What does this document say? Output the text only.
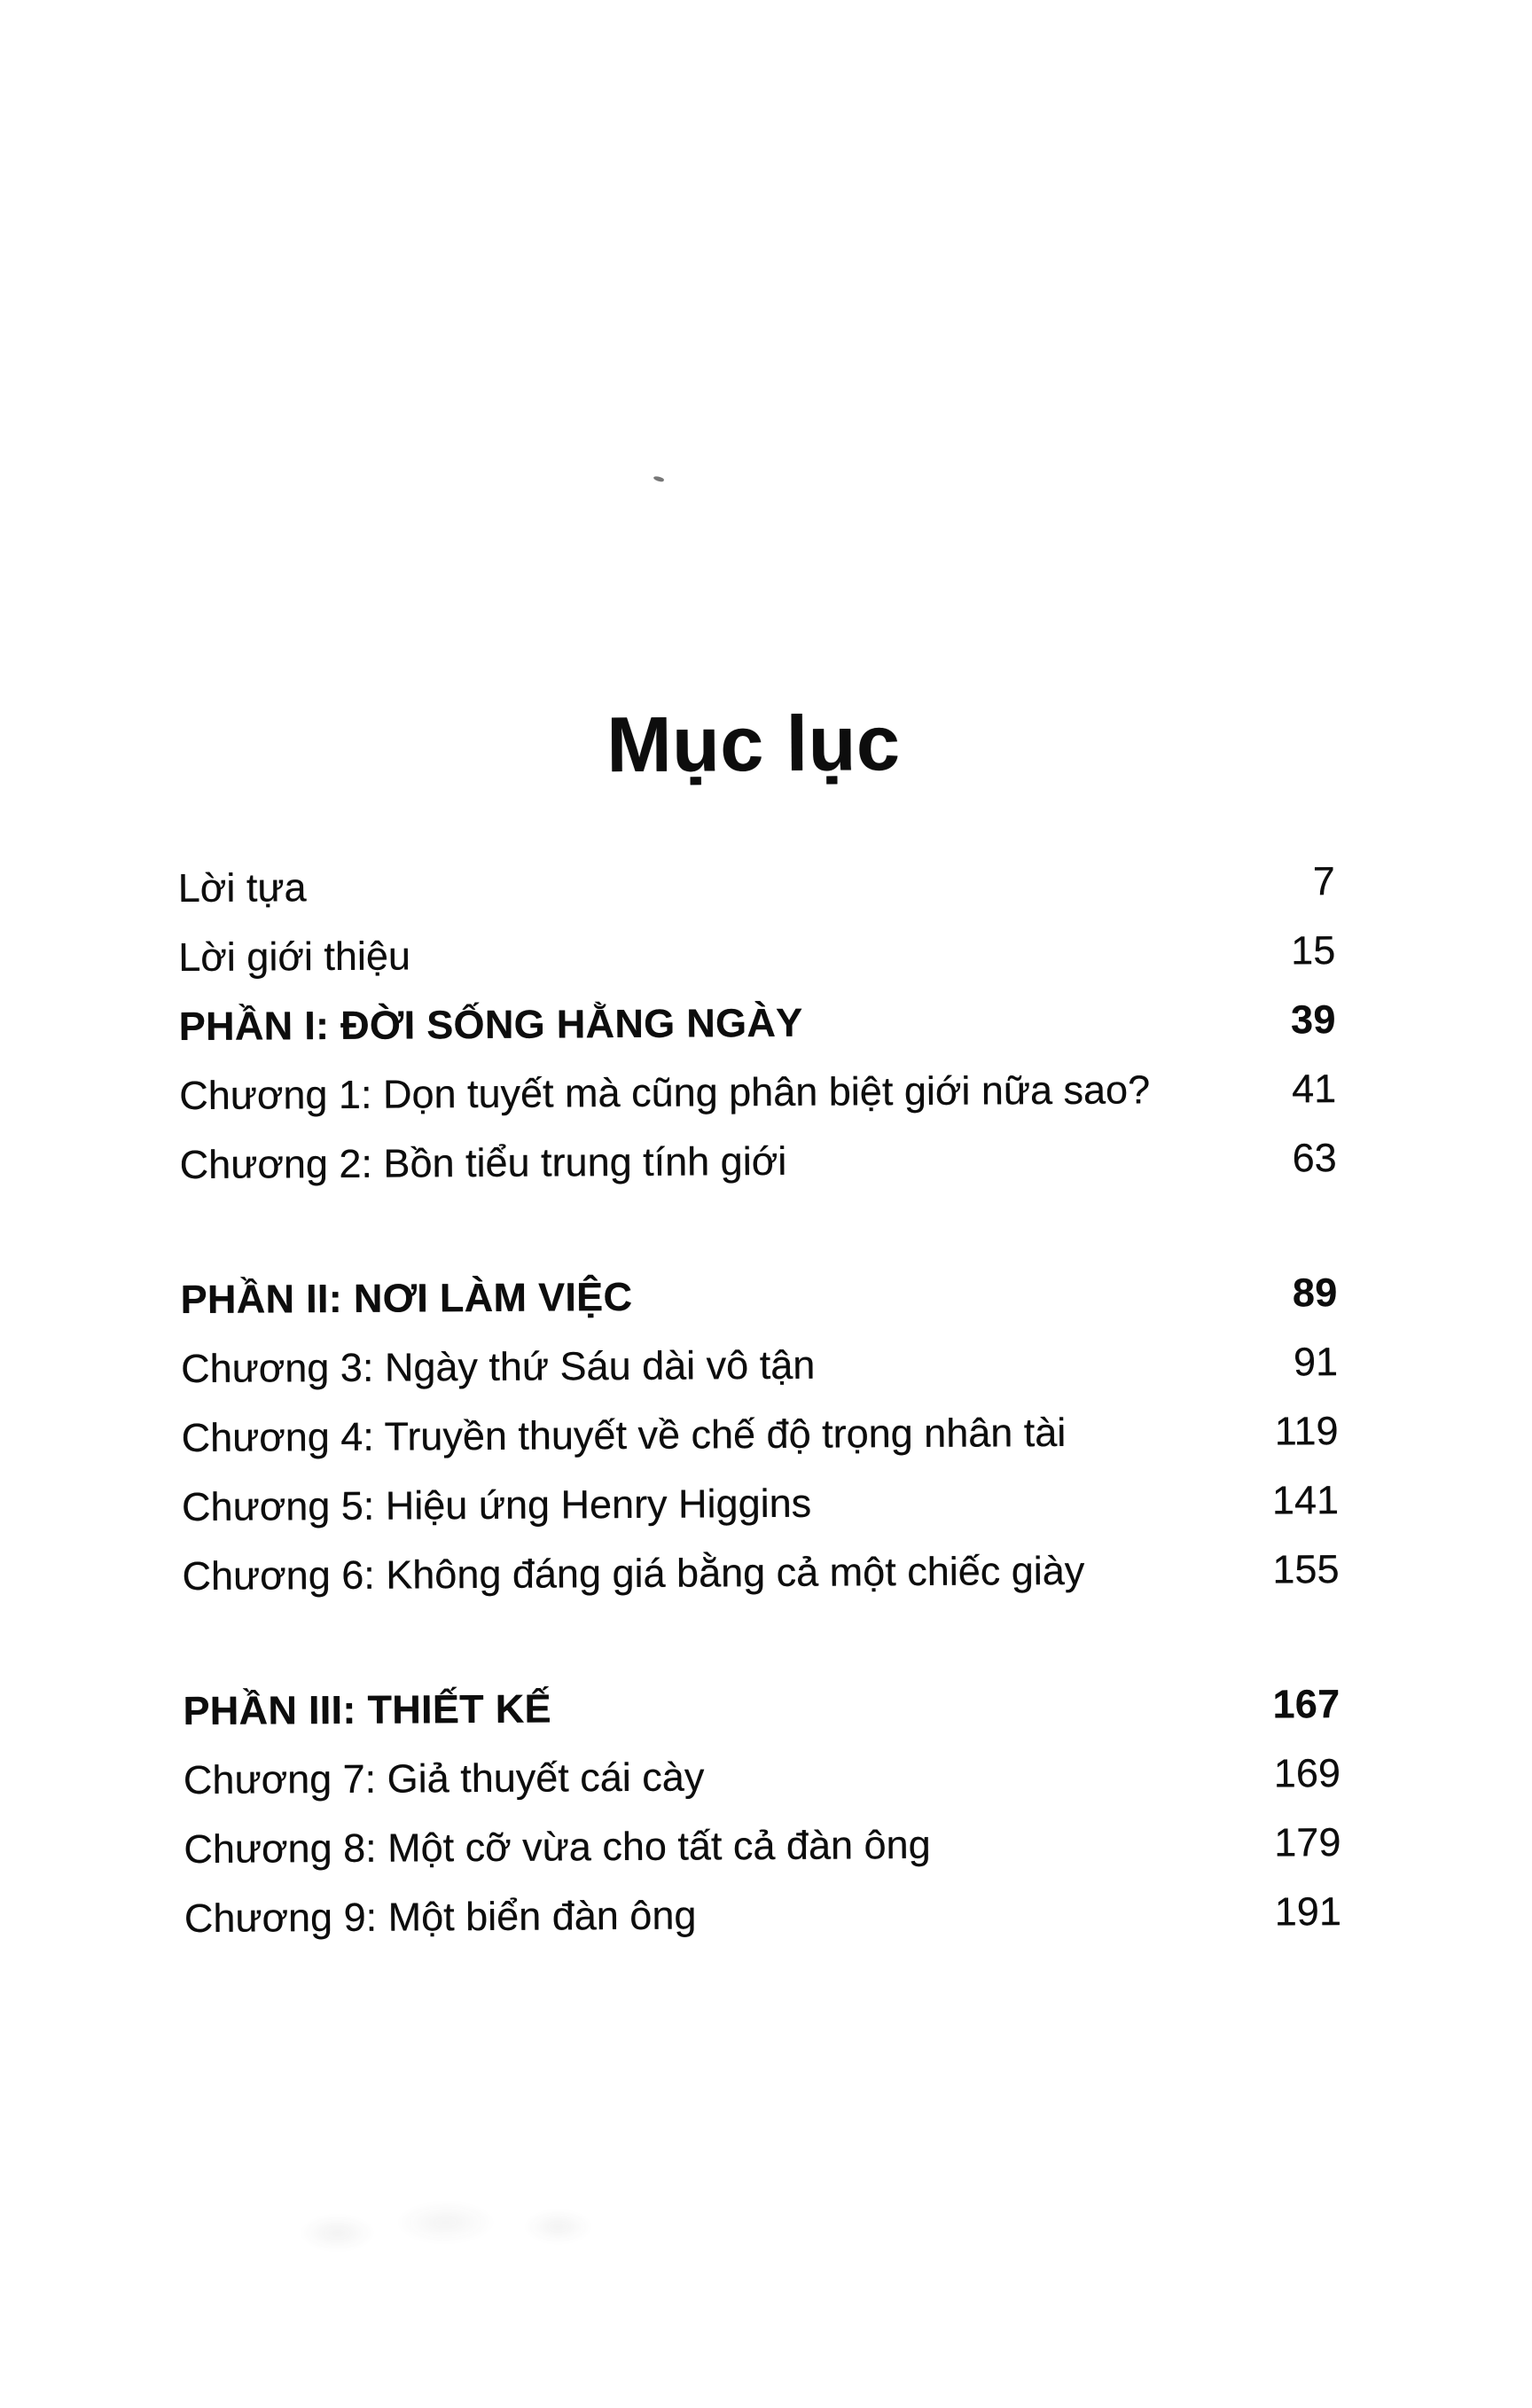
Mục lục
Lời tựa	7
Lời giới thiệu	15
PHẦN I: ĐỜI SỐNG HẰNG NGÀY	39
Chương 1: Dọn tuyết mà cũng phân biệt giới nữa sao?	41
Chương 2: Bồn tiểu trung tính giới	63
PHẦN II: NƠI LÀM VIỆC	89
Chương 3: Ngày thứ Sáu dài vô tận	91
Chương 4: Truyền thuyết về chế độ trọng nhân tài	119
Chương 5: Hiệu ứng Henry Higgins	141
Chương 6: Không đáng giá bằng cả một chiếc giày	155
PHẦN III: THIẾT KẾ	167
Chương 7: Giả thuyết cái cày	169
Chương 8: Một cỡ vừa cho tất cả đàn ông	179
Chương 9: Một biển đàn ông	191
